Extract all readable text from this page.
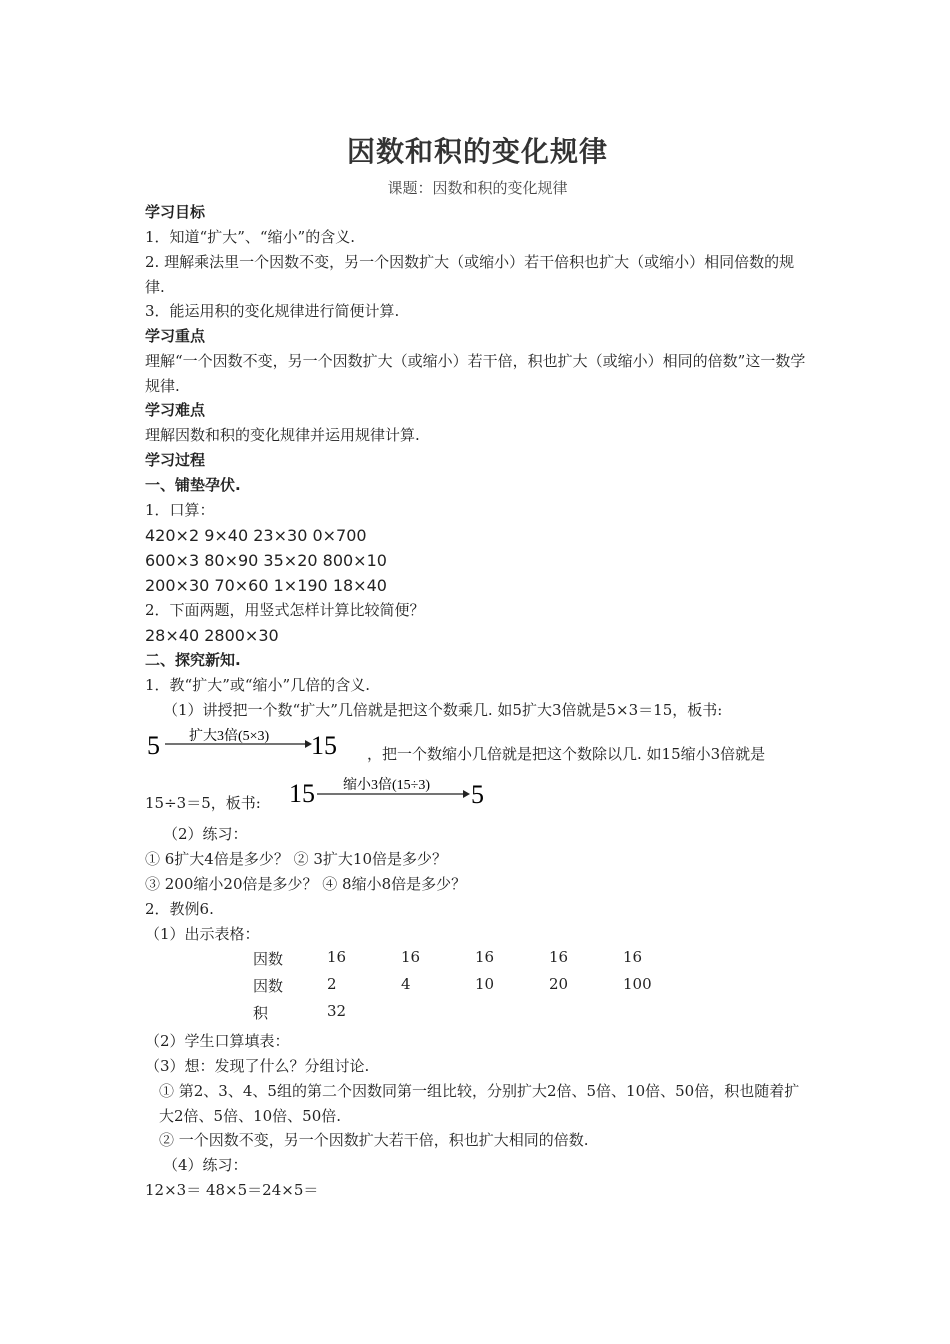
因数和积的变化规律
课题：因数和积的变化规律
学习目标
1．知道“扩大”、“缩小”的含义.
2. 理解乘法里一个因数不变，另一个因数扩大（或缩小）若干倍积也扩大（或缩小）相同倍数的规律.
3．能运用积的变化规律进行简便计算.
学习重点
理解“一个因数不变，另一个因数扩大（或缩小）若干倍，积也扩大（或缩小）相同的倍数”这一数学规律.
学习难点
理解因数和积的变化规律并运用规律计算.
学习过程
一、铺垫孕伏.
1．口算：
420×2 9×40 23×30 0×700
600×3 80×90 35×20 800×10
200×30 70×60 1×190 18×40
2．下面两题，用竖式怎样计算比较简便？
28×40 2800×30
二、探究新知.
1．教“扩大”或“缩小”几倍的含义.
（1）讲授把一个数“扩大”几倍就是把这个数乘几. 如5扩大3倍就是5×3＝15，板书:
5 扩大3倍(5×3) 15 ，把一个数缩小几倍就是把这个数除以几. 如15缩小3倍就是
15÷3＝5，板书: 15 缩小3倍(15÷3) 5
（2）练习：
① 6扩大4倍是多少？ ② 3扩大10倍是多少？
③ 200缩小20倍是多少？ ④ 8缩小8倍是多少？
2．教例6.
（1）出示表格：
因数	16	16	16	16	16
因数	2	4	10	20	100
积	32
（2）学生口算填表：
（3）想：发现了什么？分组讨论.
① 第2、3、4、5组的第二个因数同第一组比较，分别扩大2倍、5倍、10倍、50倍，积也随着扩大2倍、5倍、10倍、50倍.
② 一个因数不变，另一个因数扩大若干倍，积也扩大相同的倍数.
（4）练习：
12×3＝ 48×5＝24×5＝
